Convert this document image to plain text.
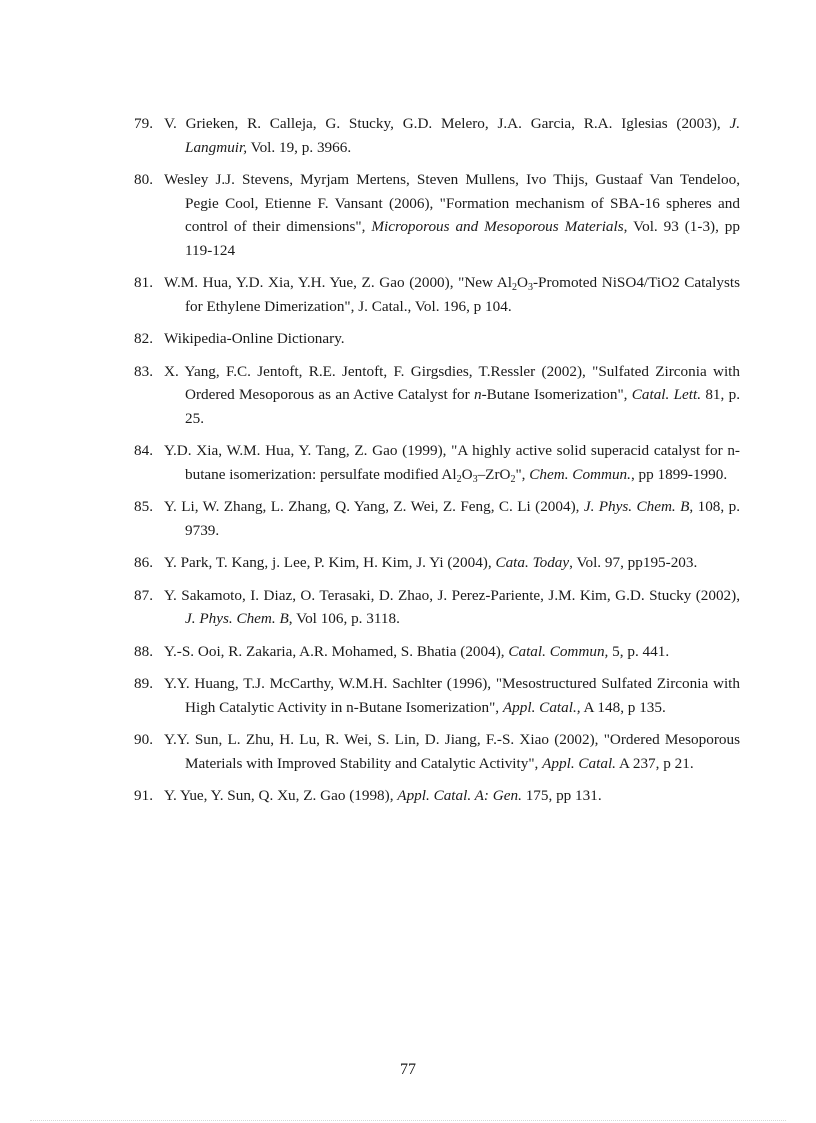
79. V. Grieken, R. Calleja, G. Stucky, G.D. Melero, J.A. Garcia, R.A. Iglesias (2003), J. Langmuir, Vol. 19, p. 3966.
80. Wesley J.J. Stevens, Myrjam Mertens, Steven Mullens, Ivo Thijs, Gustaaf Van Tendeloo, Pegie Cool, Etienne F. Vansant (2006), "Formation mechanism of SBA-16 spheres and control of their dimensions", Microporous and Mesoporous Materials, Vol. 93 (1-3), pp 119-124
81. W.M. Hua, Y.D. Xia, Y.H. Yue, Z. Gao (2000), "New $Al_2O_3$-Promoted NiSO4/TiO2 Catalysts for Ethylene Dimerization", J. Catal., Vol. 196, p 104.
82. Wikipedia-Online Dictionary.
83. X. Yang, F.C. Jentoft, R.E. Jentoft, F. Girgsdies, T.Ressler (2002), "Sulfated Zirconia with Ordered Mesoporous as an Active Catalyst for n-Butane Isomerization", Catal. Lett. 81, p. 25.
84. Y.D. Xia, W.M. Hua, Y. Tang, Z. Gao (1999), "A highly active solid superacid catalyst for n-butane isomerization: persulfate modified $Al_2O_3-ZrO_2$", Chem. Commun., pp 1899-1990.
85. Y. Li, W. Zhang, L. Zhang, Q. Yang, Z. Wei, Z. Feng, C. Li (2004), J. Phys. Chem. B, 108, p. 9739.
86. Y. Park, T. Kang, j. Lee, P. Kim, H. Kim, J. Yi (2004), Cata. Today, Vol. 97, pp195-203.
87. Y. Sakamoto, I. Diaz, O. Terasaki, D. Zhao, J. Perez-Pariente, J.M. Kim, G.D. Stucky (2002), J. Phys. Chem. B, Vol 106, p. 3118.
88. Y.-S. Ooi, R. Zakaria, A.R. Mohamed, S. Bhatia (2004), Catal. Commun, 5, p. 441.
89. Y.Y. Huang, T.J. McCarthy, W.M.H. Sachlter (1996), "Mesostructured Sulfated Zirconia with High Catalytic Activity in n-Butane Isomerization", Appl. Catal., A 148, p 135.
90. Y.Y. Sun, L. Zhu, H. Lu, R. Wei, S. Lin, D. Jiang, F.-S. Xiao (2002), "Ordered Mesoporous Materials with Improved Stability and Catalytic Activity", Appl. Catal. A 237, p 21.
91. Y. Yue, Y. Sun, Q. Xu, Z. Gao (1998), Appl. Catal. A: Gen. 175, pp 131.
77
